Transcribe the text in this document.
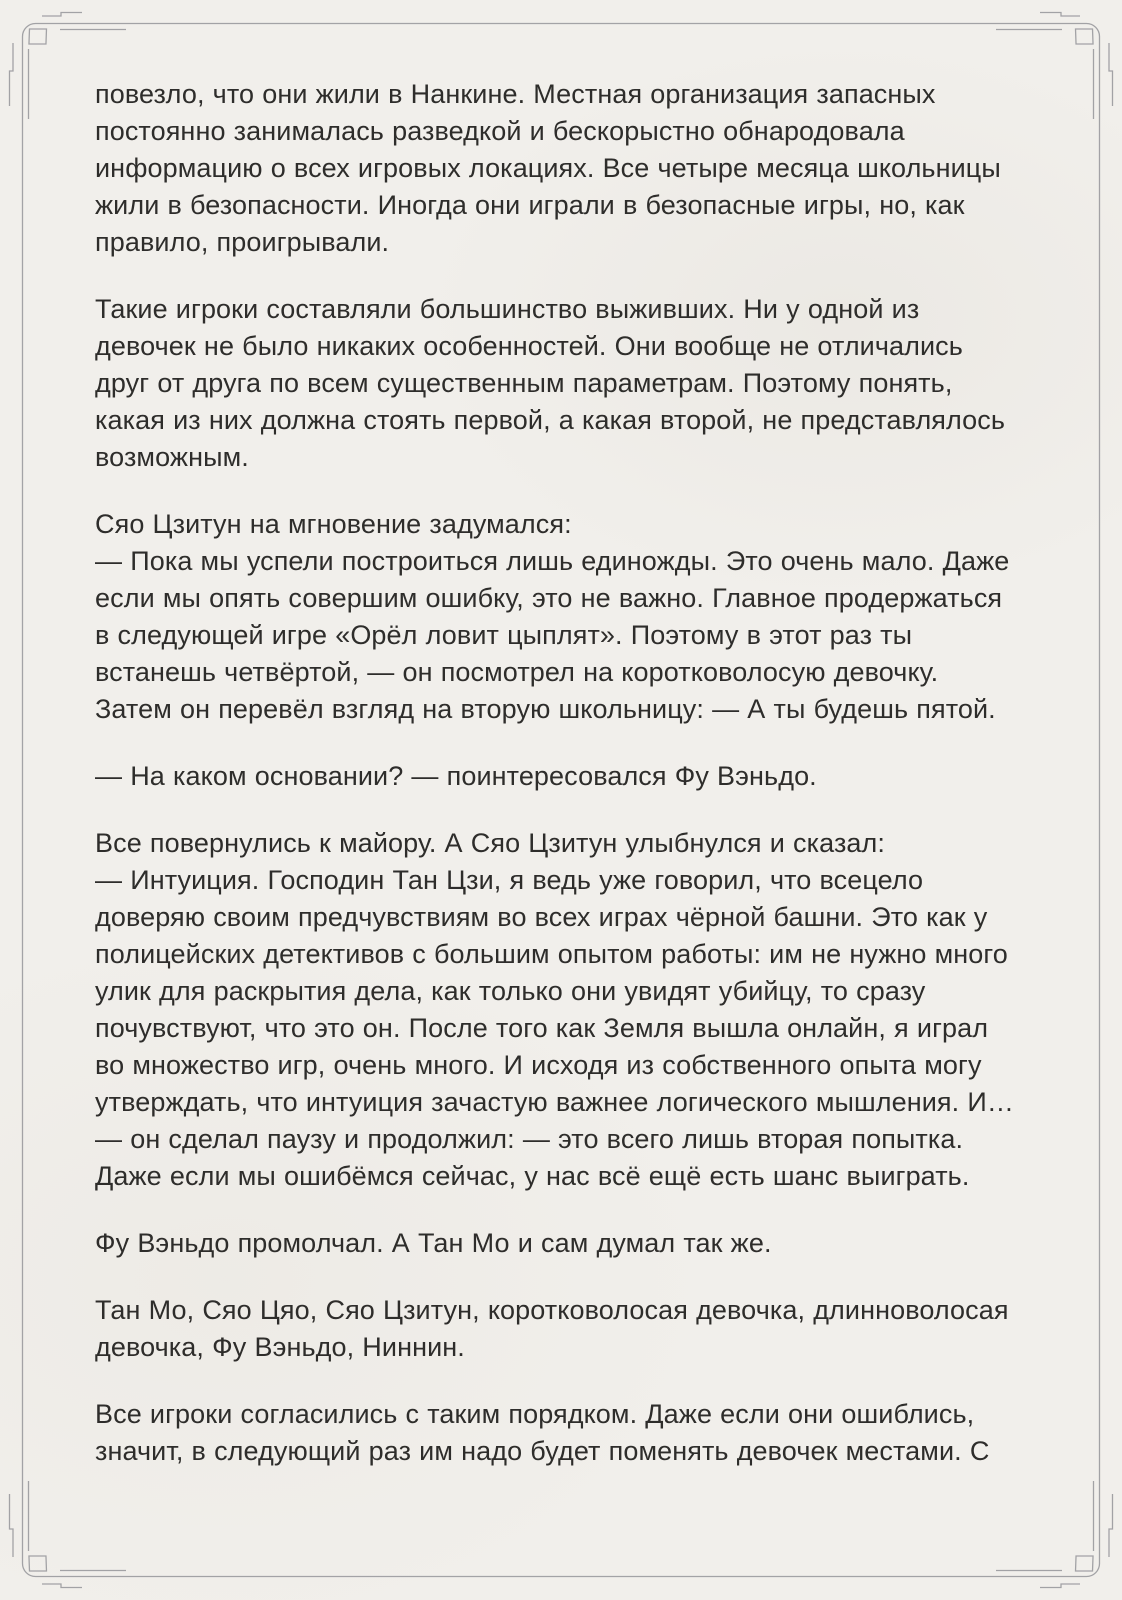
повезло, что они жили в Нанкине. Местная организация запасных постоянно занималась разведкой и бескорыстно обнародовала информацию о всех игровых локациях. Все четыре месяца школьницы жили в безопасности. Иногда они играли в безопасные игры, но, как правило, проигрывали.

Такие игроки составляли большинство выживших. Ни у одной из девочек не было никаких особенностей. Они вообще не отличались друг от друга по всем существенным параметрам. Поэтому понять, какая из них должна стоять первой, а какая второй, не представлялось возможным.

Сяо Цзитун на мгновение задумался:
— Пока мы успели построиться лишь единожды. Это очень мало. Даже если мы опять совершим ошибку, это не важно. Главное продержаться в следующей игре «Орёл ловит цыплят». Поэтому в этот раз ты встанешь четвёртой, — он посмотрел на коротковолосую девочку. Затем он перевёл взгляд на вторую школьницу: — А ты будешь пятой.

— На каком основании? — поинтересовался Фу Вэньдо.

Все повернулись к майору. А Сяо Цзитун улыбнулся и сказал:
— Интуиция. Господин Тан Цзи, я ведь уже говорил, что всецело доверяю своим предчувствиям во всех играх чёрной башни. Это как у полицейских детективов с большим опытом работы: им не нужно много улик для раскрытия дела, как только они увидят убийцу, то сразу почувствуют, что это он. После того как Земля вышла онлайн, я играл во множество игр, очень много. И исходя из собственного опыта могу утверждать, что интуиция зачастую важнее логического мышления. И… — он сделал паузу и продолжил: — это всего лишь вторая попытка. Даже если мы ошибёмся сейчас, у нас всё ещё есть шанс выиграть.

Фу Вэньдо промолчал. А Тан Мо и сам думал так же.

Тан Мо, Сяо Цяо, Сяо Цзитун, коротковолосая девочка, длинноволосая девочка, Фу Вэньдо, Ниннин.

Все игроки согласились с таким порядком. Даже если они ошиблись, значит, в следующий раз им надо будет поменять девочек местами. С
